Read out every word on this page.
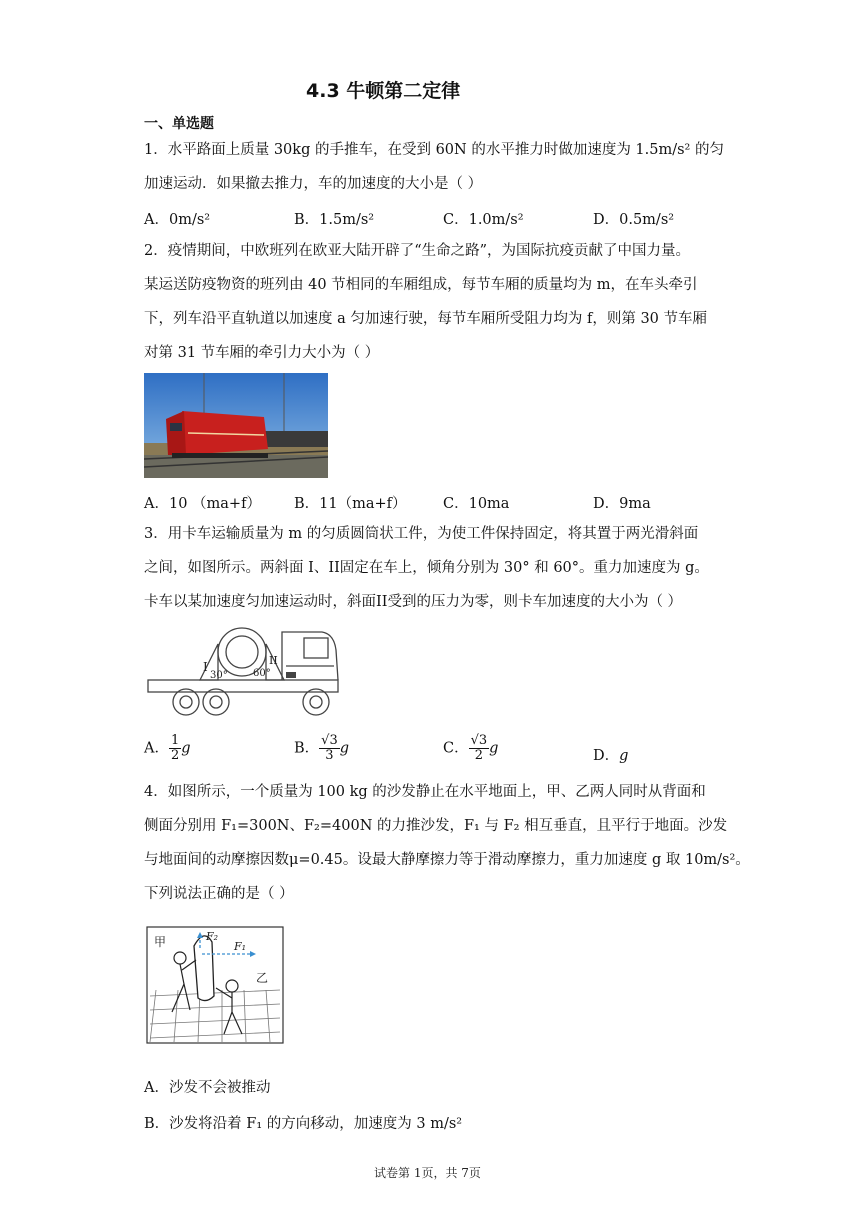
4.3 牛顿第二定律
一、单选题
1．水平路面上质量 30kg 的手推车，在受到 60N 的水平推力时做加速度为 1.5m/s² 的匀
加速运动．如果撤去推力，车的加速度的大小是（ ）
A．0m/s²	B．1.5m/s²	C．1.0m/s²	D．0.5m/s²
2．疫情期间，中欧班列在欧亚大陆开辟了“生命之路”，为国际抗疫贡献了中国力量。
某运送防疫物资的班列由 40 节相同的车厢组成，每节车厢的质量均为 m，在车头牵引
下，列车沿平直轨道以加速度 a 匀加速行驶，每节车厢所受阻力均为 f，则第 30 节车厢
对第 31 节车厢的牵引力大小为（ ）
A．10 （ma+f） B．11（ma+f）	C．10ma	D．9ma
3．用卡车运输质量为 m 的匀质圆筒状工件，为使工件保持固定，将其置于两光滑斜面
之间，如图所示。两斜面 I、II固定在车上，倾角分别为 30° 和 60°。重力加速度为 g。
卡车以某加速度匀加速运动时，斜面II受到的压力为零，则卡车加速度的大小为（ ）
I	II
30°	60°
A． $\frac{1}{2}$ g	B． $\frac{√3}{3}$ g	C． $\frac{√3}{2}$ g	D．g
4．如图所示，一个质量为 100 kg 的沙发静止在水平地面上，甲、乙两人同时从背面和
侧面分别用 F₁=300N、F₂=400N 的力推沙发，F₁ 与 F₂ 相互垂直，且平行于地面。沙发
与地面间的动摩擦因数μ=0.45。设最大静摩擦力等于滑动摩擦力，重力加速度 g 取 10m/s²。
下列说法正确的是（ ）
甲
乙
F₂
F₁
A．沙发不会被推动
B．沙发将沿着 F₁ 的方向移动，加速度为 3 m/s²
试卷第 1页，共 7页
